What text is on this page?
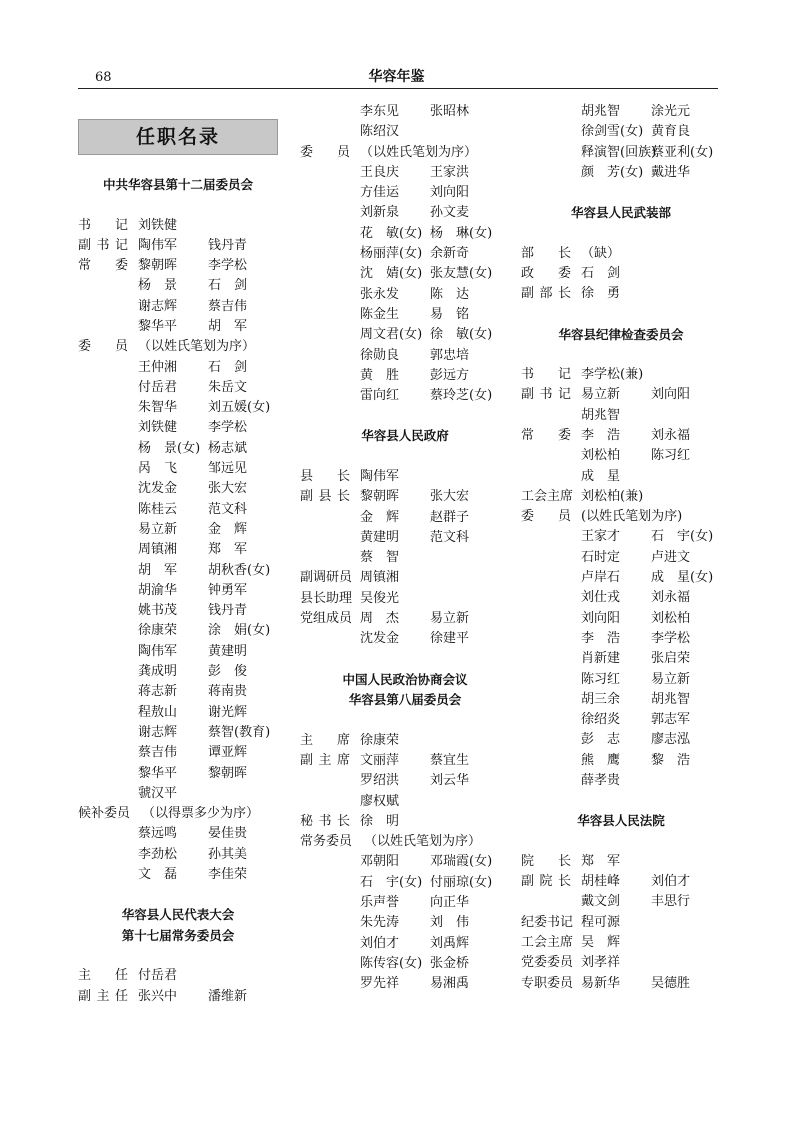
68	华容年鉴
任职名录
中共华容县第十二届委员会
书 记 刘铁健
副 书 记 陶伟军 钱丹青
常 委 黎朝晖 李学松
杨　景 石　剑
谢志辉 蔡吉伟
黎华平 胡　军
委 员 （以姓氏笔划为序）
王仲湘 石　剑
付岳君 朱岳文
朱智华 刘五媛(女)
刘铁健 李学松
杨　景(女) 杨志斌
呙　飞 邹远见
沈发金 张大宏
陈桂云 范文科
易立新 金　辉
周镇湘 郑　军
胡　军 胡秋香(女)
胡渝华 钟勇军
姚书茂 钱丹青
徐康荣 涂　娟(女)
陶伟军 黄建明
龚成明 彭　俊
蒋志新 蒋南贵
程敖山 谢光辉
谢志辉 蔡智(教育)
蔡吉伟 谭亚辉
黎华平 黎朝晖
虢汉平
候补委员 （以得票多少为序）
蔡远鸣 晏佳贵
李劲松 孙其美
文　磊 李佳荣
华容县人民代表大会
第十七届常务委员会
主 任 付岳君
副 主 任 张兴中 潘维新
李东见 张昭林
陈绍汉
委 员 （以姓氏笔划为序）
王良庆 王家洪
方佳运 刘向阳
刘新泉 孙文麦
花　敏(女) 杨　琳(女)
杨丽萍(女) 余新奇
沈　婧(女) 张友慧(女)
张永发 陈　达
陈金生 易　铭
周文君(女) 徐　敏(女)
徐勋良 郭忠培
黄　胜 彭远方
雷向红 蔡玲芝(女)
华容县人民政府
县 长 陶伟军
副 县 长 黎朝晖 张大宏
金　辉 赵群子
黄建明 范文科
蔡　智
副调研员 周镇湘
县长助理 吴俊光
党组成员 周　杰 易立新
沈发金 徐建平
中国人民政治协商会议
华容县第八届委员会
主 席 徐康荣
副 主 席 文丽萍 蔡宜生
罗绍洪 刘云华
廖权赋
秘 书 长 徐　明
常务委员 （以姓氏笔划为序）
邓朝阳 邓瑞霞(女)
石　宇(女) 付丽琼(女)
乐声誉 向正华
朱先涛 刘　伟
刘伯才 刘禹辉
陈传容(女) 张金桥
罗先祥 易湘禹
胡兆智 涂光元
徐剑雪(女) 黄育良
释演智(回族)
蔡亚利(女)
颜　芳(女) 戴进华
华容县人民武装部
部 长 （缺）
政 委 石　剑
副 部 长 徐　勇
华容县纪律检查委员会
书 记 李学松(兼)
副 书 记 易立新 刘向阳
胡兆智
常 委 李　浩 刘永福
刘松柏 陈习红
成　星
工会主席 刘松柏(兼)
委 员 (以姓氏笔划为序)
王家才 石　宇(女)
石时定 卢进文
卢岸石 成　星(女)
刘仕戎 刘永福
刘向阳 刘松柏
李　浩 李学松
肖新建 张启荣
陈习红 易立新
胡三余 胡兆智
徐绍炎 郭志军
彭　志 廖志泓
熊　鹰 黎　浩
薛孝贵
华容县人民法院
院 长 郑　军
副 院 长 胡桂峰 刘伯才
戴文剑 丰思行
纪委书记 程可源
工会主席 吴　辉
党委委员 刘孝祥
专职委员 易新华 吴德胜
